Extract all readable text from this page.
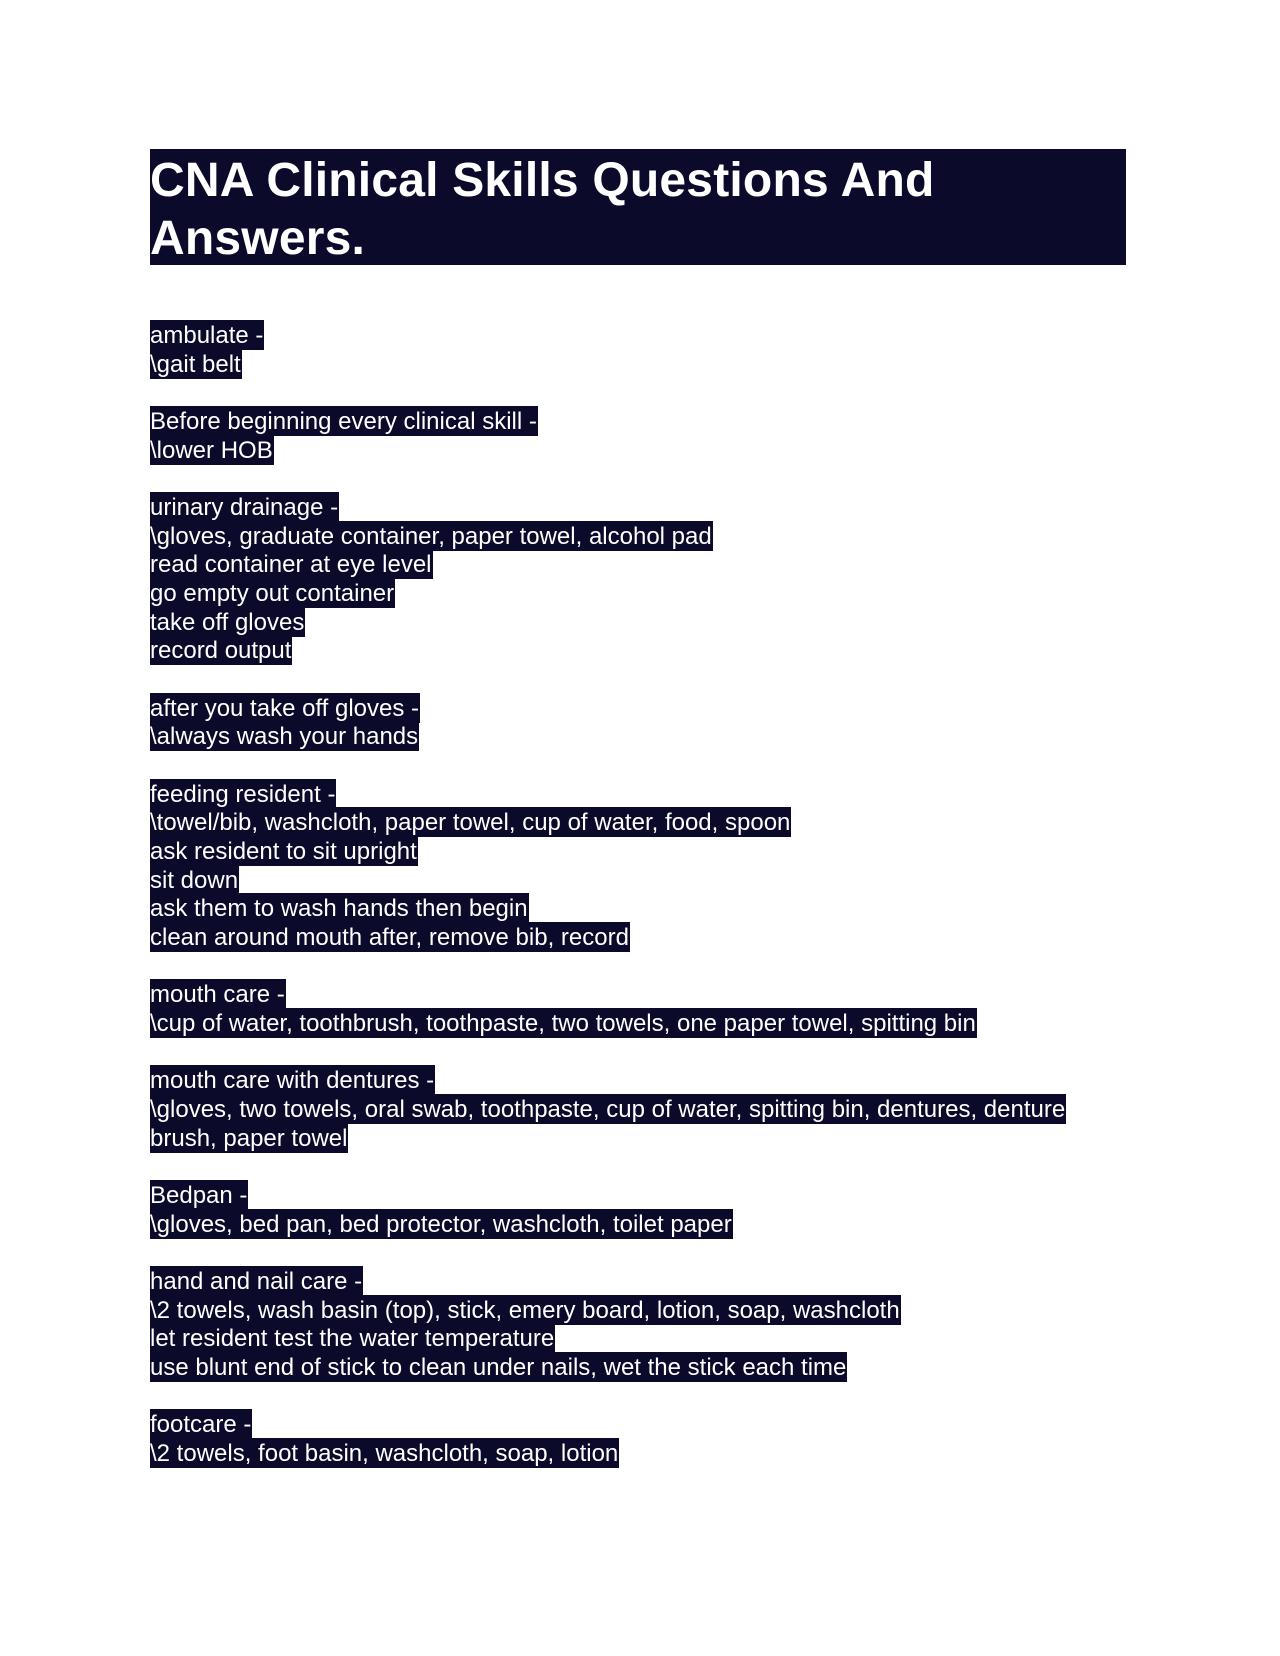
CNA Clinical Skills Questions And Answers.
ambulate -
\gait belt
Before beginning every clinical skill -
\lower HOB
urinary drainage -
\gloves, graduate container, paper towel, alcohol pad
read container at eye level
go empty out container
take off gloves
record output
after you take off gloves -
\always wash your hands
feeding resident -
\towel/bib, washcloth, paper towel, cup of water, food, spoon
ask resident to sit upright
sit down
ask them to wash hands then begin
clean around mouth after, remove bib, record
mouth care -
\cup of water, toothbrush, toothpaste, two towels, one paper towel, spitting bin
mouth care with dentures -
\gloves, two towels, oral swab, toothpaste, cup of water, spitting bin, dentures, denture
brush, paper towel
Bedpan -
\gloves, bed pan, bed protector, washcloth, toilet paper
hand and nail care -
\2 towels, wash basin (top), stick, emery board, lotion, soap, washcloth
let resident test the water temperature
use blunt end of stick to clean under nails, wet the stick each time
footcare -
\2 towels, foot basin, washcloth, soap, lotion
